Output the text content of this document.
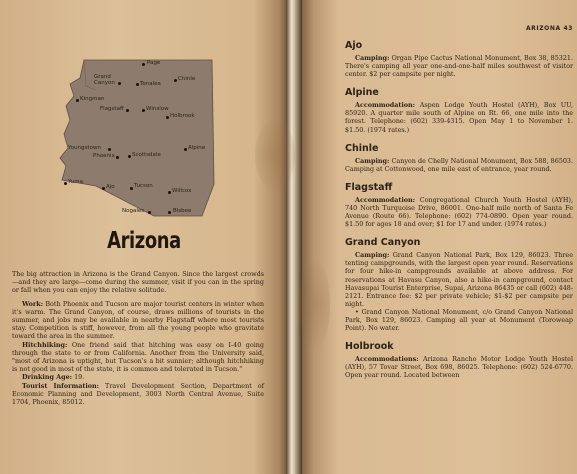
Page
Grand Canyon	Tonalea
Chinle
Kingman
Flagstaff	Winslow
Holbrook
Youngstown
Phoenix	Scottsdale
Alpine
Yuma
Ajo	Tucson
Willcox
Nogales	Bisbee
Arizona

The big attraction in Arizona is the Grand Canyon. Since the largest crowds—and they are large—come during the summer, visit if you can in the spring or fall when you can enjoy the relative solitude.

Work: Both Phoenix and Tucson are major tourist centers in winter when it's warm. The Grand Canyon, of course, draws millions of tourists in the summer, and jobs may be available in nearby Flagstaff where most tourists stay. Competition is stiff, however, from all the young people who gravitate toward the area in the summer.

Hitchhiking: One friend said that hitching was easy on I-40 going through the state to or from California. Another from the University said, "most of Arizona is uptight, but Tucson's a bit sunnier; although hitchhiking is not good in most of the state, it is common and tolerated in Tucson."

Drinking Age: 19.

Tourist Information: Travel Development Section, Department of Economic Planning and Development, 3003 North Central Avenue, Suite 1704, Phoenix, 85012.

ARIZONA 43
Ajo

Camping: Organ Pipe Cactus National Monument, Box 38, 85321. There's camping all year one-and-one-half miles southwest of visitor center. $2 per campsite per night.

Alpine

Accommodation: Aspen Lodge Youth Hostel (AYH), Box UU, 85920. A quarter mile south of Alpine on Rt. 66, one mile into the forest. Telephone: (602) 339-4315. Open May 1 to November 1. $1.50. (1974 rates.)

Chinle

Camping: Canyon de Chelly National Monument, Box 588, 86503. Camping at Cottonwood, one mile east of entrance, year round.

Flagstaff

Accommodation: Congregational Church Youth Hostel (AYH), 740 North Turquoise Drive, 86001. One-half mile north of Santa Fe Avenue (Route 66). Telephone: (602) 774-0890. Open year round. $1.50 for ages 18 and over; $1 for 17 and under. (1974 rates.)

Grand Canyon

Camping: Grand Canyon National Park, Box 129, 86023. Three tenting campgrounds, with the largest open year round. Reservations for four hike-in campgrounds available at above address. For reservations at Havasu Canyon, also a hike-in campground, contact Havasupai Tourist Enterprise, Supai, Arizona 86435 or call (602) 448-2121. Entrance fee: $2 per private vehicle; $1-$2 per campsite per night.

• Grand Canyon National Monument, c/o Grand Canyon National Park, Box 129, 86023. Camping all year at Monument (Toroweap Point). No water.

Holbrook

Accommodations: Arizona Rancho Motor Lodge Youth Hostel (AYH), 57 Tovar Street, Box 698, 86025. Telephone: (602) 524-6770. Open year round. Located between
